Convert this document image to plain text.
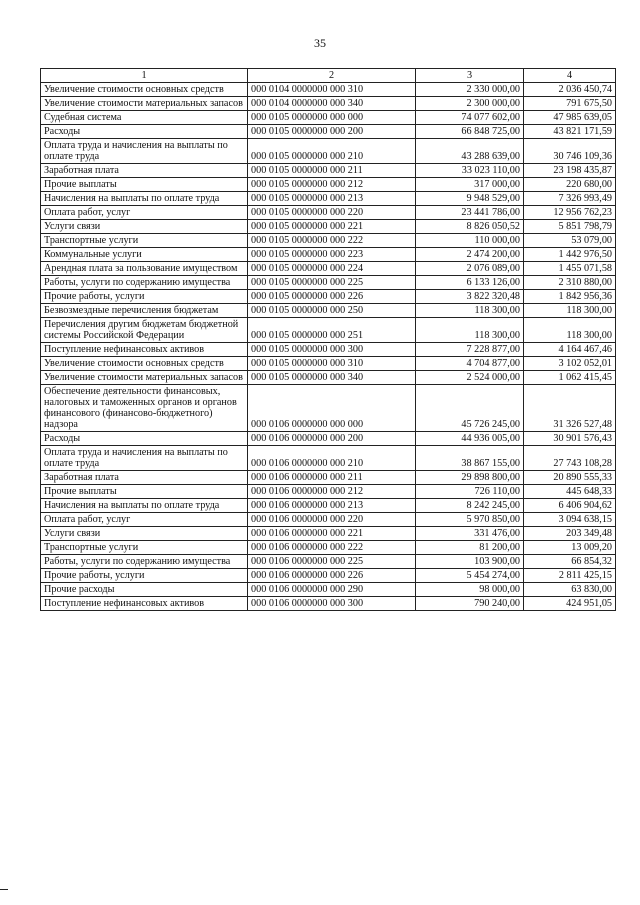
35
1	2	3	4
Увеличение стоимости основных средств	000 0104 0000000 000 310	2 330 000,00	2 036 450,74
Увеличение стоимости материальных запасов	000 0104 0000000 000 340	2 300 000,00	791 675,50
Судебная система	000 0105 0000000 000 000	74 077 602,00	47 985 639,05
Расходы	000 0105 0000000 000 200	66 848 725,00	43 821 171,59
Оплата труда и начисления на выплаты по оплате труда	000 0105 0000000 000 210	43 288 639,00	30 746 109,36
Заработная плата	000 0105 0000000 000 211	33 023 110,00	23 198 435,87
Прочие выплаты	000 0105 0000000 000 212	317 000,00	220 680,00
Начисления на выплаты по оплате труда	000 0105 0000000 000 213	9 948 529,00	7 326 993,49
Оплата работ, услуг	000 0105 0000000 000 220	23 441 786,00	12 956 762,23
Услуги связи	000 0105 0000000 000 221	8 826 050,52	5 851 798,79
Транспортные услуги	000 0105 0000000 000 222	110 000,00	53 079,00
Коммунальные услуги	000 0105 0000000 000 223	2 474 200,00	1 442 976,50
Арендная плата за пользование имуществом	000 0105 0000000 000 224	2 076 089,00	1 455 071,58
Работы, услуги по содержанию имущества	000 0105 0000000 000 225	6 133 126,00	2 310 880,00
Прочие работы, услуги	000 0105 0000000 000 226	3 822 320,48	1 842 956,36
Безвозмездные перечисления бюджетам	000 0105 0000000 000 250	118 300,00	118 300,00
Перечисления другим бюджетам бюджетной системы Российской Федерации	000 0105 0000000 000 251	118 300,00	118 300,00
Поступление нефинансовых активов	000 0105 0000000 000 300	7 228 877,00	4 164 467,46
Увеличение стоимости основных средств	000 0105 0000000 000 310	4 704 877,00	3 102 052,01
Увеличение стоимости материальных запасов	000 0105 0000000 000 340	2 524 000,00	1 062 415,45
Обеспечение деятельности финансовых, налоговых и таможенных органов и органов финансового (финансово-бюджетного) надзора	000 0106 0000000 000 000	45 726 245,00	31 326 527,48
Расходы	000 0106 0000000 000 200	44 936 005,00	30 901 576,43
Оплата труда и начисления на выплаты по оплате труда	000 0106 0000000 000 210	38 867 155,00	27 743 108,28
Заработная плата	000 0106 0000000 000 211	29 898 800,00	20 890 555,33
Прочие выплаты	000 0106 0000000 000 212	726 110,00	445 648,33
Начисления на выплаты по оплате труда	000 0106 0000000 000 213	8 242 245,00	6 406 904,62
Оплата работ, услуг	000 0106 0000000 000 220	5 970 850,00	3 094 638,15
Услуги связи	000 0106 0000000 000 221	331 476,00	203 349,48
Транспортные услуги	000 0106 0000000 000 222	81 200,00	13 009,20
Работы, услуги по содержанию имущества	000 0106 0000000 000 225	103 900,00	66 854,32
Прочие работы, услуги	000 0106 0000000 000 226	5 454 274,00	2 811 425,15
Прочие расходы	000 0106 0000000 000 290	98 000,00	63 830,00
Поступление нефинансовых активов	000 0106 0000000 000 300	790 240,00	424 951,05
